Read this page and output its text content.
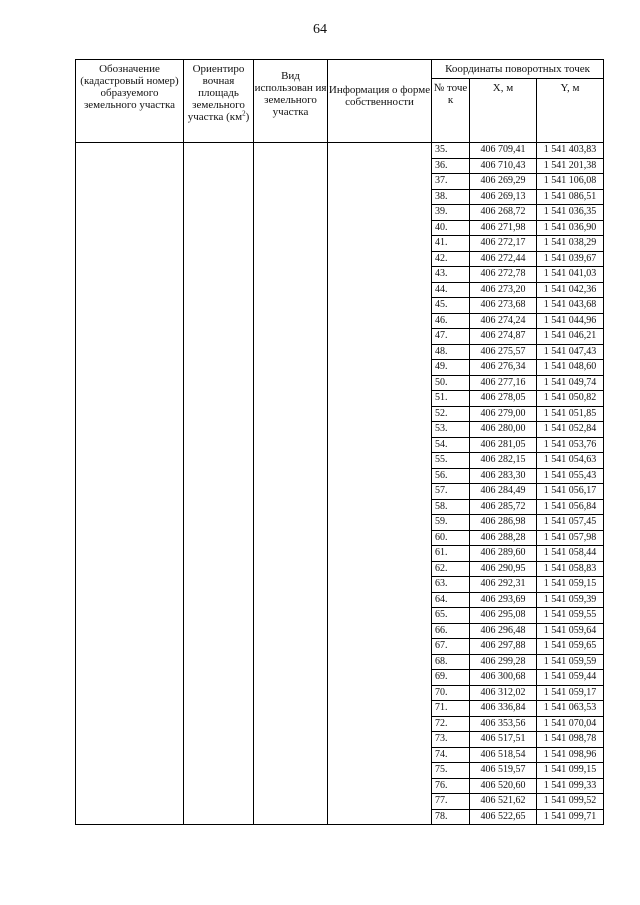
64
Обозначение (кадастровый номер) образуемого земельного участка	Ориентиро вочная площадь земельного участка $(км^2)$	Вид использован ия земельного участка	Информация о форме собственности	Координаты поворотных точек		
				№ точе к	X, м	Y, м
				35.	406 709,41	1 541 403,83
				36.	406 710,43	1 541 201,38
				37.	406 269,29	1 541 106,08
				38.	406 269,13	1 541 086,51
				39.	406 268,72	1 541 036,35
				40.	406 271,98	1 541 036,90
				41.	406 272,17	1 541 038,29
				42.	406 272,44	1 541 039,67
				43.	406 272,78	1 541 041,03
				44.	406 273,20	1 541 042,36
				45.	406 273,68	1 541 043,68
				46.	406 274,24	1 541 044,96
				47.	406 274,87	1 541 046,21
				48.	406 275,57	1 541 047,43
				49.	406 276,34	1 541 048,60
				50.	406 277,16	1 541 049,74
				51.	406 278,05	1 541 050,82
				52.	406 279,00	1 541 051,85
				53.	406 280,00	1 541 052,84
				54.	406 281,05	1 541 053,76
				55.	406 282,15	1 541 054,63
				56.	406 283,30	1 541 055,43
				57.	406 284,49	1 541 056,17
				58.	406 285,72	1 541 056,84
				59.	406 286,98	1 541 057,45
				60.	406 288,28	1 541 057,98
				61.	406 289,60	1 541 058,44
				62.	406 290,95	1 541 058,83
				63.	406 292,31	1 541 059,15
				64.	406 293,69	1 541 059,39
				65.	406 295,08	1 541 059,55
				66.	406 296,48	1 541 059,64
				67.	406 297,88	1 541 059,65
				68.	406 299,28	1 541 059,59
				69.	406 300,68	1 541 059,44
				70.	406 312,02	1 541 059,17
				71.	406 336,84	1 541 063,53
				72.	406 353,56	1 541 070,04
				73.	406 517,51	1 541 098,78
				74.	406 518,54	1 541 098,96
				75.	406 519,57	1 541 099,15
				76.	406 520,60	1 541 099,33
				77.	406 521,62	1 541 099,52
				78.	406 522,65	1 541 099,71
